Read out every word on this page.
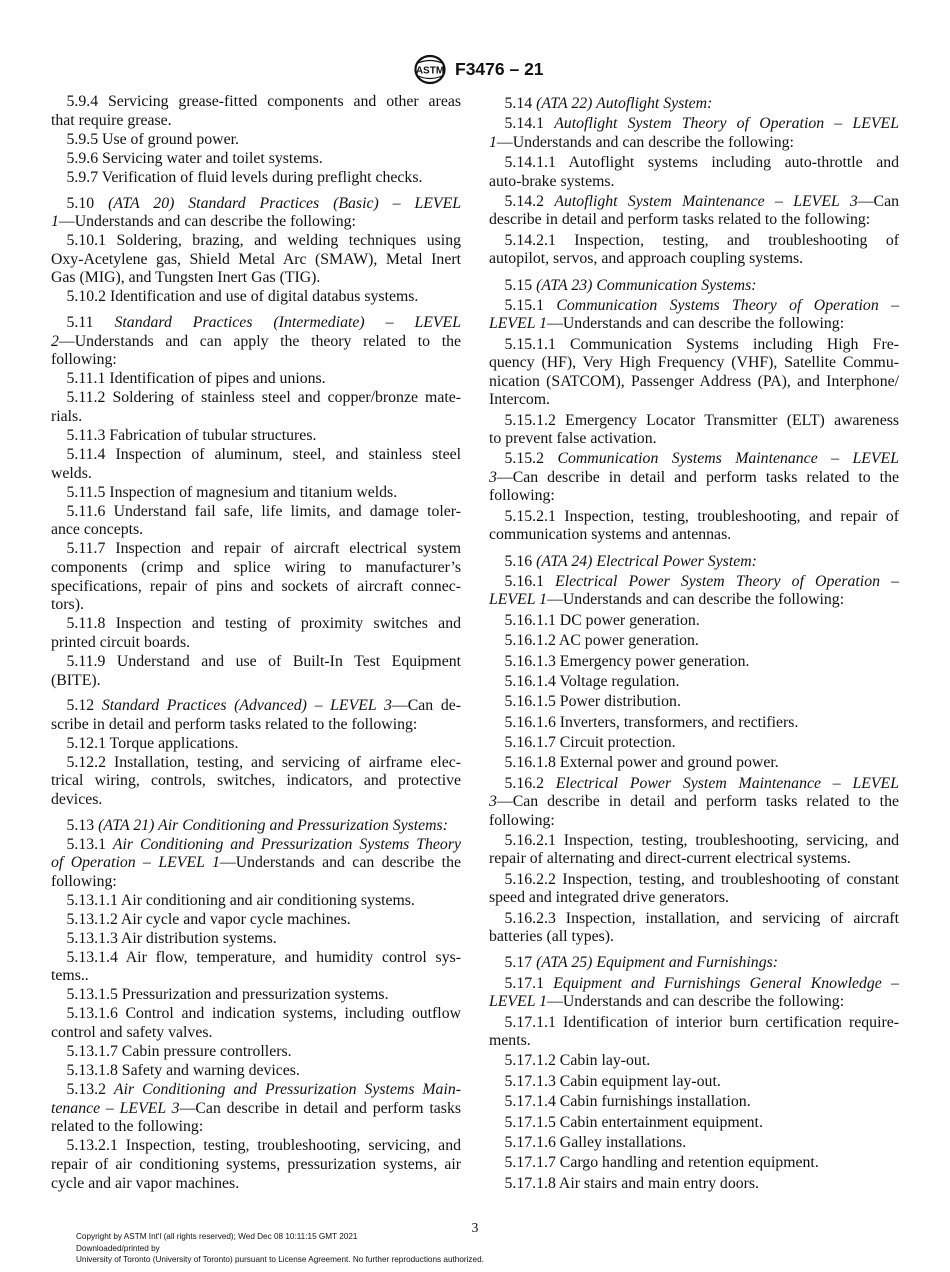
ASTM F3476 – 21
5.9.4 Servicing grease-fitted components and other areas
that require grease.
5.9.5 Use of ground power.
5.9.6 Servicing water and toilet systems.
5.9.7 Verification of fluid levels during preflight checks.
5.10 (ATA 20) Standard Practices (Basic) – LEVEL
1—Understands and can describe the following:
5.10.1 Soldering, brazing, and welding techniques using
Oxy-Acetylene gas, Shield Metal Arc (SMAW), Metal Inert
Gas (MIG), and Tungsten Inert Gas (TIG).
5.10.2 Identification and use of digital databus systems.
5.11 Standard Practices (Intermediate) – LEVEL
2—Understands and can apply the theory related to the
following:
5.11.1 Identification of pipes and unions.
5.11.2 Soldering of stainless steel and copper/bronze mate-
rials.
5.11.3 Fabrication of tubular structures.
5.11.4 Inspection of aluminum, steel, and stainless steel
welds.
5.11.5 Inspection of magnesium and titanium welds.
5.11.6 Understand fail safe, life limits, and damage toler-
ance concepts.
5.11.7 Inspection and repair of aircraft electrical system
components (crimp and splice wiring to manufacturer’s
specifications, repair of pins and sockets of aircraft connec-
tors).
5.11.8 Inspection and testing of proximity switches and
printed circuit boards.
5.11.9 Understand and use of Built-In Test Equipment
(BITE).
5.12 Standard Practices (Advanced) – LEVEL 3—Can de-
scribe in detail and perform tasks related to the following:
5.12.1 Torque applications.
5.12.2 Installation, testing, and servicing of airframe elec-
trical wiring, controls, switches, indicators, and protective
devices.
5.13 (ATA 21) Air Conditioning and Pressurization Systems:
5.13.1 Air Conditioning and Pressurization Systems Theory
of Operation – LEVEL 1—Understands and can describe the
following:
5.13.1.1 Air conditioning and air conditioning systems.
5.13.1.2 Air cycle and vapor cycle machines.
5.13.1.3 Air distribution systems.
5.13.1.4 Air flow, temperature, and humidity control sys-
tems..
5.13.1.5 Pressurization and pressurization systems.
5.13.1.6 Control and indication systems, including outflow
control and safety valves.
5.13.1.7 Cabin pressure controllers.
5.13.1.8 Safety and warning devices.
5.13.2 Air Conditioning and Pressurization Systems Main-
tenance – LEVEL 3—Can describe in detail and perform tasks
related to the following:
5.13.2.1 Inspection, testing, troubleshooting, servicing, and
repair of air conditioning systems, pressurization systems, air
cycle and air vapor machines.
5.14 (ATA 22) Autoflight System:
5.14.1 Autoflight System Theory of Operation – LEVEL
1—Understands and can describe the following:
5.14.1.1 Autoflight systems including auto-throttle and
auto-brake systems.
5.14.2 Autoflight System Maintenance – LEVEL 3—Can
describe in detail and perform tasks related to the following:
5.14.2.1 Inspection, testing, and troubleshooting of
autopilot, servos, and approach coupling systems.
5.15 (ATA 23) Communication Systems:
5.15.1 Communication Systems Theory of Operation –
LEVEL 1—Understands and can describe the following:
5.15.1.1 Communication Systems including High Fre-
quency (HF), Very High Frequency (VHF), Satellite Commu-
nication (SATCOM), Passenger Address (PA), and Interphone/
Intercom.
5.15.1.2 Emergency Locator Transmitter (ELT) awareness
to prevent false activation.
5.15.2 Communication Systems Maintenance – LEVEL
3—Can describe in detail and perform tasks related to the
following:
5.15.2.1 Inspection, testing, troubleshooting, and repair of
communication systems and antennas.
5.16 (ATA 24) Electrical Power System:
5.16.1 Electrical Power System Theory of Operation –
LEVEL 1—Understands and can describe the following:
5.16.1.1 DC power generation.
5.16.1.2 AC power generation.
5.16.1.3 Emergency power generation.
5.16.1.4 Voltage regulation.
5.16.1.5 Power distribution.
5.16.1.6 Inverters, transformers, and rectifiers.
5.16.1.7 Circuit protection.
5.16.1.8 External power and ground power.
5.16.2 Electrical Power System Maintenance – LEVEL
3—Can describe in detail and perform tasks related to the
following:
5.16.2.1 Inspection, testing, troubleshooting, servicing, and
repair of alternating and direct-current electrical systems.
5.16.2.2 Inspection, testing, and troubleshooting of constant
speed and integrated drive generators.
5.16.2.3 Inspection, installation, and servicing of aircraft
batteries (all types).
5.17 (ATA 25) Equipment and Furnishings:
5.17.1 Equipment and Furnishings General Knowledge –
LEVEL 1—Understands and can describe the following:
5.17.1.1 Identification of interior burn certification require-
ments.
5.17.1.2 Cabin lay-out.
5.17.1.3 Cabin equipment lay-out.
5.17.1.4 Cabin furnishings installation.
5.17.1.5 Cabin entertainment equipment.
5.17.1.6 Galley installations.
5.17.1.7 Cargo handling and retention equipment.
5.17.1.8 Air stairs and main entry doors.
3
Copyright by ASTM Int'l (all rights reserved); Wed Dec 08 10:11:15 GMT 2021
Downloaded/printed by
University of Toronto (University of Toronto) pursuant to License Agreement. No further reproductions authorized.
